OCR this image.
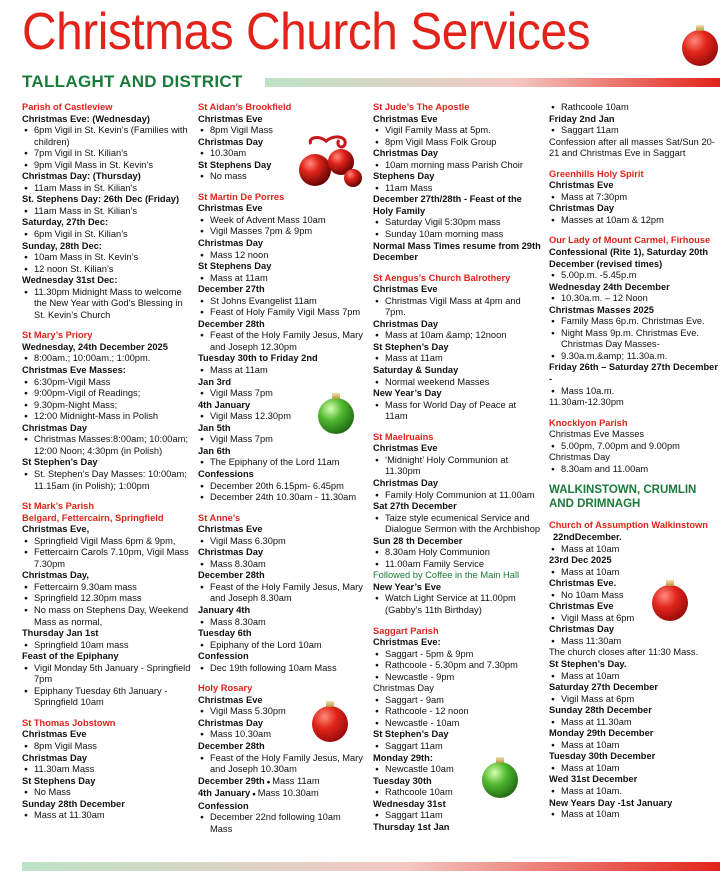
Christmas Church Services
TALLAGHT AND DISTRICT
Parish of Castleview
Christmas Eve: (Wednesday)
● 6pm Vigil in St. Kevin’s (Families with children)
● 7pm Vigil in St. Kilian’s
● 9pm Vigil Mass in St. Kevin’s
Christmas Day: (Thursday)
● 11am Mass in St. Kilian’s
St. Stephens Day: 26th Dec (Friday)
● 11am Mass in St. Kilian’s
Saturday, 27th Dec:
● 6pm Vigil in St. Kilian’s
Sunday, 28th Dec:
● 10am Mass in St. Kevin’s
● 12 noon St. Kilian’s
Wednesday 31st Dec:
● 11.30pm Midnight Mass to welcome the New Year with God’s Blessing in St. Kevin’s Church
St Mary’s Priory
Wednesday, 24th December 2025
● 8:00am.; 10:00am.; 1:00pm.
Christmas Eve Masses:
● 6:30pm-Vigil Mass
● 9:00pm-Vigil of Readings;
● 9.30pm-Night Mass;
● 12:00 Midnight-Mass in Polish
Christmas Day
● Christmas Masses:8:00am; 10:00am; 12:00 Noon; 4:30pm (in Polish)
St Stephen’s Day
● St. Stephen’s Day Masses: 10:00am; 11.15am (in Polish); 1:00pm
St Mark’s Parish
Belgard, Fettercairn, Springfield
Christmas Eve,
● Springfield Vigil Mass 6pm & 9pm,
● Fettercairn Carols 7.10pm, Vigil Mass 7.30pm
Christmas Day,
● Fettercairn 9.30am mass
● Springfield 12.30pm mass
● No mass on Stephens Day, Weekend Mass as normal,
Thursday Jan 1st
● Springfield 10am mass
Feast of the Epiphany
● Vigil Monday 5th January - Springfield 7pm
● Epiphany Tuesday 6th January - Springfield 10am
St Thomas Jobstown
Christmas Eve
● 8pm Vigil Mass
Christmas Day
● 11.30am Mass
St Stephens Day
● No Mass
Sunday 28th December
● Mass at 11.30am
St Aidan’s Brookfield
Christmas Eve
● 8pm Vigil Mass
Christmas Day
● 10.30am
St Stephens Day
● No mass
St Martin De Porres
Christmas Eve
● Week of Advent Mass 10am
● Vigil Masses 7pm & 9pm
Christmas Day
● Mass 12 noon
St Stephens Day
● Mass at 11am
December 27th
● St Johns Evangelist 11am
● Feast of Holy Family Vigil Mass 7pm
December 28th
● Feast of the Holy Family Jesus, Mary and Joseph 12.30pm
Tuesday 30th to Friday 2nd
● Mass at 11am
Jan 3rd
● Vigil Mass 7pm
4th January
● Vigil Mass 12.30pm
Jan 5th
● Vigil Mass 7pm
Jan 6th
● The Epiphany of the Lord 11am
Confessions
● December 20th 6.15pm- 6.45pm
● December 24th 10.30am - 11.30am
St Anne’s
Christmas Eve
● Vigil Mass 6.30pm
Christmas Day
● Mass 8.30am
December 28th
● Feast of the Holy Family Jesus, Mary and Joseph 8.30am
January 4th
● Mass 8.30am
Tuesday 6th
● Epiphany of the Lord 10am
Confession
● Dec 19th following 10am Mass
Holy Rosary
Christmas Eve
● Vigil Mass 5.30pm
Christmas Day
● Mass 10.30am
December 28th
● Feast of the Holy Family Jesus, Mary and Joseph 10.30am
December 29th ● Mass 11am
4th January ● Mass 10.30am
Confession
● December 22nd following 10am Mass
St Jude’s The Apostle
Christmas Eve
● Vigil Family Mass at 5pm.
● 8pm Vigil Mass Folk Group
Christmas Day
● 10am morning mass Parish Choir
Stephens Day
● 11am Mass
December 27th/28th - Feast of the Holy Family
● Saturday Vigil 5:30pm mass
● Sunday 10am morning mass
Normal Mass Times resume from 29th December
St Aengus’s Church Balrothery
Christmas Eve
● Christmas Vigil Mass at 4pm and 7pm.
Christmas Day
● Mass at 10am &amp; 12noon
St Stephen’s Day
● Mass at 11am
Saturday & Sunday
● Normal weekend Masses
New Year’s Day
● Mass for World Day of Peace at 11am
St Maelruains
Christmas Eve
● ‘Midnight’ Holy Communion at 11.30pm
Christmas Day
● Family Holy Communion at 11.00am
Sat 27th December
● Taize style ecumenical Service and Dialogue Sermon with the Archbishop
Sun 28 th December
● 8.30am Holy Communion
● 11.00am Family Service
Followed by Coffee in the Main Hall
New Year’s Eve
● Watch Light Service at 11.00pm (Gabby’s 11th Birthday)
Saggart Parish
Christmas Eve:
● Saggart - 5pm & 9pm
● Rathcoole - 5.30pm and 7.30pm
● Newcastle - 9pm
Christmas Day
● Saggart - 9am
● Rathcoole - 12 noon
● Newcastle - 10am
St Stephen’s Day
● Saggart 11am
Monday 29th:
● Newcastle 10am
Tuesday 30th
● Rathcoole 10am
Wednesday 31st
● Saggart 11am
Thursday 1st Jan
● Rathcoole 10am
Friday 2nd Jan
● Saggart 11am
Confession after all masses Sat/Sun 20-21 and Christmas Eve in Saggart
Greenhills Holy Spirit
Christmas Eve
● Mass at 7:30pm
Christmas Day
● Masses at 10am & 12pm
Our Lady of Mount Carmel, Firhouse
Confessional (Rite 1), Saturday 20th December (revised times)
● 5.00p.m. -5.45p.m
Wednesday 24th December
● 10.30a.m. – 12 Noon
Christmas Masses 2025
● Family Mass 6p.m. Christmas Eve.
● Night Mass 9p.m. Christmas Eve. Christmas Day Masses-
● 9.30a.m.&amp; 11.30a.m.
Friday 26th – Saturday 27th December -
● Mass 10a.m.
11.30am-12.30pm
Knocklyon Parish
Christmas Eve Masses
● 5.00pm, 7.00pm and 9.00pm
Christmas Day
● 8.30am and 11.00am
WALKINSTOWN, CRUMLIN AND DRIMNAGH
Church of Assumption Walkinstown
22ndDecember.
● Mass at 10am
23rd Dec 2025
● Mass at 10am
Christmas Eve.
● No 10am Mass
Christmas Eve
● Vigil Mass at 6pm
Christmas Day
● Mass 11:30am
The church closes after 11:30 Mass.
St Stephen’s Day.
● Mass at 10am
Saturday 27th December
● Vigil Mass at 6pm
Sunday 28th December
● Mass at 11.30am
Monday 29th December
● Mass at 10am
Tuesday 30th December
● Mass at 10am
Wed 31st December
● Mass at 10am.
New Years Day -1st January
● Mass at 10am
